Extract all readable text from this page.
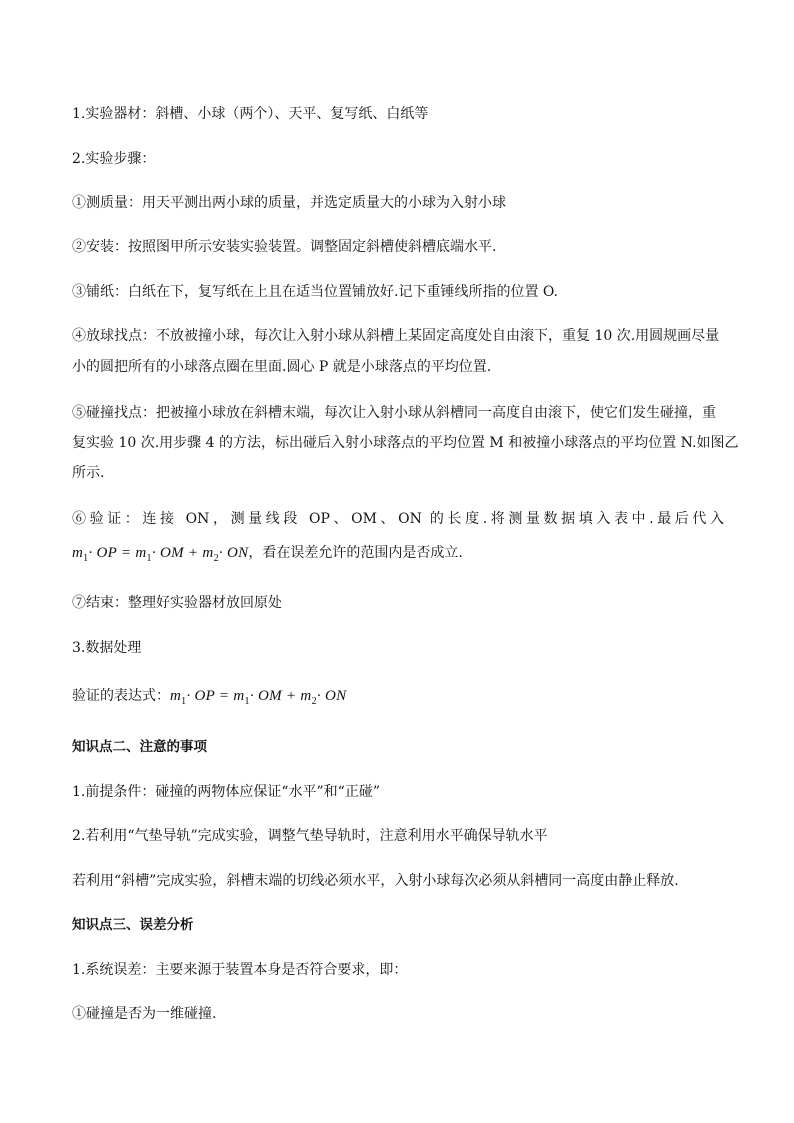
1.实验器材：斜槽、小球（两个）、天平、复写纸、白纸等
2.实验步骤：
①测质量：用天平测出两小球的质量，并选定质量大的小球为入射小球
②安装：按照图甲所示安装实验装置。调整固定斜槽使斜槽底端水平.
③铺纸：白纸在下，复写纸在上且在适当位置铺放好.记下重锤线所指的位置 O.
④放球找点：不放被撞小球，每次让入射小球从斜槽上某固定高度处自由滚下，重复 10 次.用圆规画尽量
小的圆把所有的小球落点圈在里面.圆心 P 就是小球落点的平均位置.
⑤碰撞找点：把被撞小球放在斜槽末端，每次让入射小球从斜槽同一高度自由滚下，使它们发生碰撞，重
复实验 10 次.用步骤 4 的方法，标出碰后入射小球落点的平均位置 M 和被撞小球落点的平均位置 N.如图乙
所示.
⑥验证：连接 ON，测量线段 OP、OM、ON 的长度.将测量数据填入表中.最后代入
$m_1\cdot$ OP = $m_1\cdot$ OM + $m_2\cdot$ ON，看在误差允许的范围内是否成立.
⑦结束：整理好实验器材放回原处
3.数据处理
验证的表达式：$m_1\cdot$ OP = $m_1\cdot$ OM + $m_2\cdot$ ON
知识点二、注意的事项
1.前提条件：碰撞的两物体应保证“水平”和“正碰”
2.若利用“气垫导轨”完成实验，调整气垫导轨时，注意利用水平确保导轨水平
若利用“斜槽”完成实验，斜槽末端的切线必须水平，入射小球每次必须从斜槽同一高度由静止释放.
知识点三、误差分析
1.系统误差：主要来源于装置本身是否符合要求，即：
①碰撞是否为一维碰撞.
